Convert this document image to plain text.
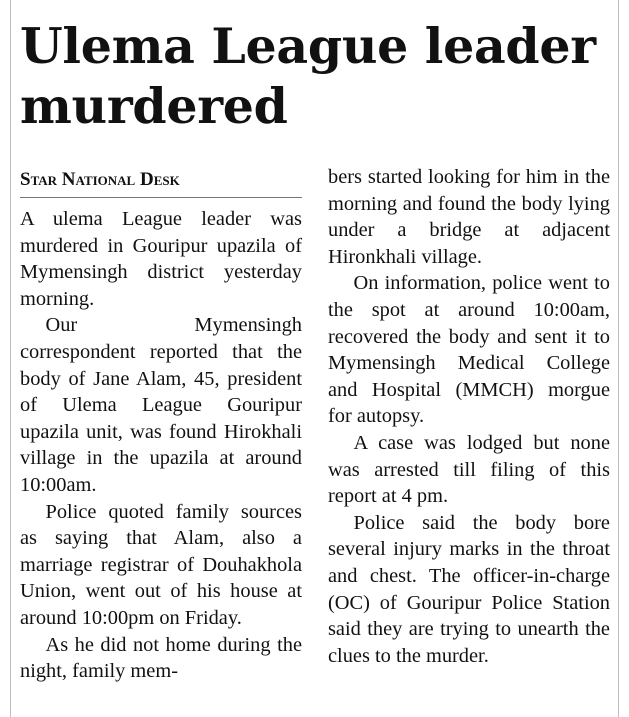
Ulema League leader murdered
Star National Desk

A ulema League leader was murdered in Gouripur upazila of Mymensingh district yesterday morning.

Our Mymensingh correspondent reported that the body of Jane Alam, 45, president of Ulema League Gouripur upazila unit, was found Hirokhali village in the upazila at around 10:00am.

Police quoted family sources as saying that Alam, also a marriage registrar of Douhakhola Union, went out of his house at around 10:00pm on Friday.

As he did not home during the night, family mem-

bers started looking for him in the morning and found the body lying under a bridge at adjacent Hironkhali village.

On information, police went to the spot at around 10:00am, recovered the body and sent it to Mymensingh Medical College and Hospital (MMCH) morgue for autopsy.

A case was lodged but none was arrested till filing of this report at 4 pm.

Police said the body bore several injury marks in the throat and chest. The officer-in-charge (OC) of Gouripur Police Station said they are trying to unearth the clues to the murder.
